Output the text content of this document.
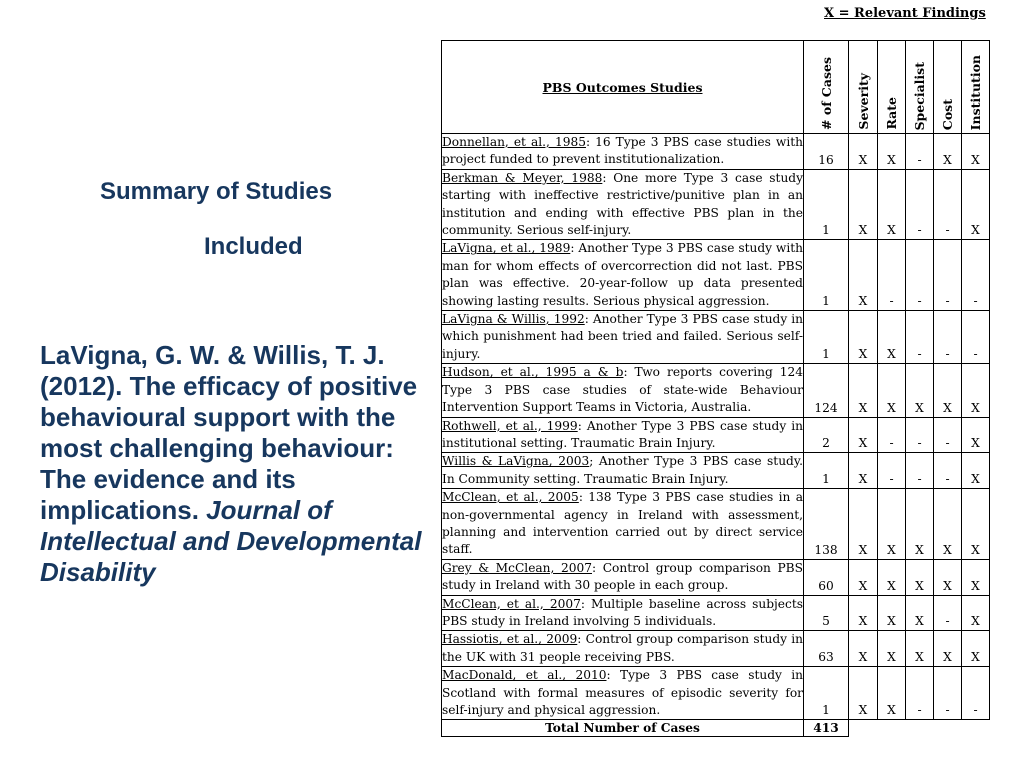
X = Relevant Findings
Summary of Studies
Included
LaVigna, G. W. & Willis, T. J. (2012). The efficacy of positive behavioural support with the most challenging behaviour: The evidence and its implications. Journal of Intellectual and Developmental Disability
PBS Outcomes Studies	# of Cases	Severity	Rate	Specialist	Cost	Institution
Donnellan, et al., 1985: 16 Type 3 PBS case studies with project funded to prevent institutionalization.	16	X	X	-	X	X
Berkman & Meyer, 1988: One more Type 3 case study starting with ineffective restrictive/punitive plan in an institution and ending with effective PBS plan in the community. Serious self-injury.	1	X	X	-	-	X
LaVigna, et al., 1989: Another Type 3 PBS case study with man for whom effects of overcorrection did not last. PBS plan was effective. 20-year-follow up data presented showing lasting results. Serious physical aggression.	1	X	-	-	-	-
LaVigna & Willis, 1992: Another Type 3 PBS case study in which punishment had been tried and failed. Serious self-injury.	1	X	X	-	-	-
Hudson, et al., 1995 a & b: Two reports covering 124 Type 3 PBS case studies of state-wide Behaviour Intervention Support Teams in Victoria, Australia.	124	X	X	X	X	X
Rothwell, et al., 1999: Another Type 3 PBS case study in institutional setting. Traumatic Brain Injury.	2	X	-	-	-	X
Willis & LaVigna, 2003; Another Type 3 PBS case study. In Community setting. Traumatic Brain Injury.	1	X	-	-	-	X
McClean, et al., 2005: 138 Type 3 PBS case studies in a non-governmental agency in Ireland with assessment, planning and intervention carried out by direct service staff.	138	X	X	X	X	X
Grey & McClean, 2007: Control group comparison PBS study in Ireland with 30 people in each group.	60	X	X	X	X	X
McClean, et al., 2007: Multiple baseline across subjects PBS study in Ireland involving 5 individuals.	5	X	X	X	-	X
Hassiotis, et al., 2009: Control group comparison study in the UK with 31 people receiving PBS.	63	X	X	X	X	X
MacDonald, et al., 2010: Type 3 PBS case study in Scotland with formal measures of episodic severity for self-injury and physical aggression.	1	X	X	-	-	-
Total Number of Cases	413					
